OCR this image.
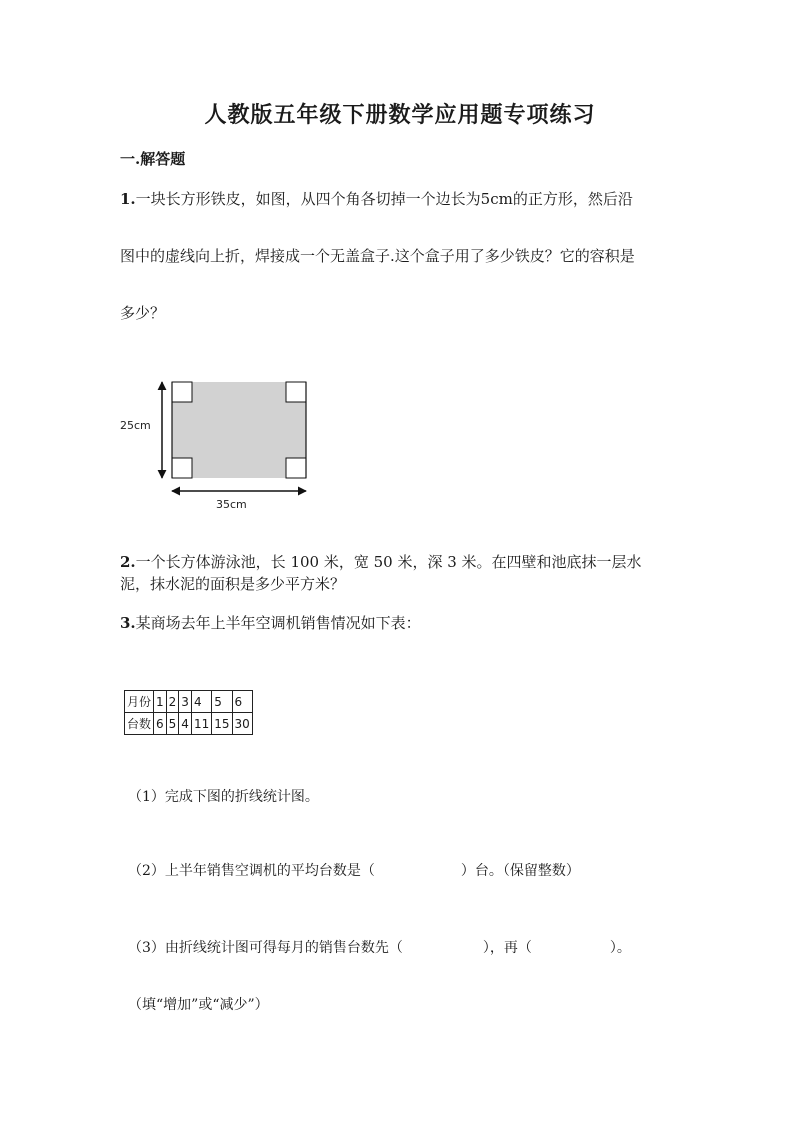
人教版五年级下册数学应用题专项练习
一.解答题
1.一块长方形铁皮，如图，从四个角各切掉一个边长为5cm的正方形，然后沿
图中的虚线向上折，焊接成一个无盖盒子.这个盒子用了多少铁皮？它的容积是
多少？
25cm
35cm
2.一个长方体游泳池，长 100 米，宽 50 米，深 3 米。在四壁和池底抹一层水
泥，抹水泥的面积是多少平方米？
3.某商场去年上半年空调机销售情况如下表：
月份	1	2	3	4	5	6
台数	6	5	4	11	15	30
（1）完成下图的折线统计图。
（2）上半年销售空调机的平均台数是（	）台。（保留整数）
（3）由折线统计图可得每月的销售台数先（	），再（	）。
（填“增加”或“减少”）
